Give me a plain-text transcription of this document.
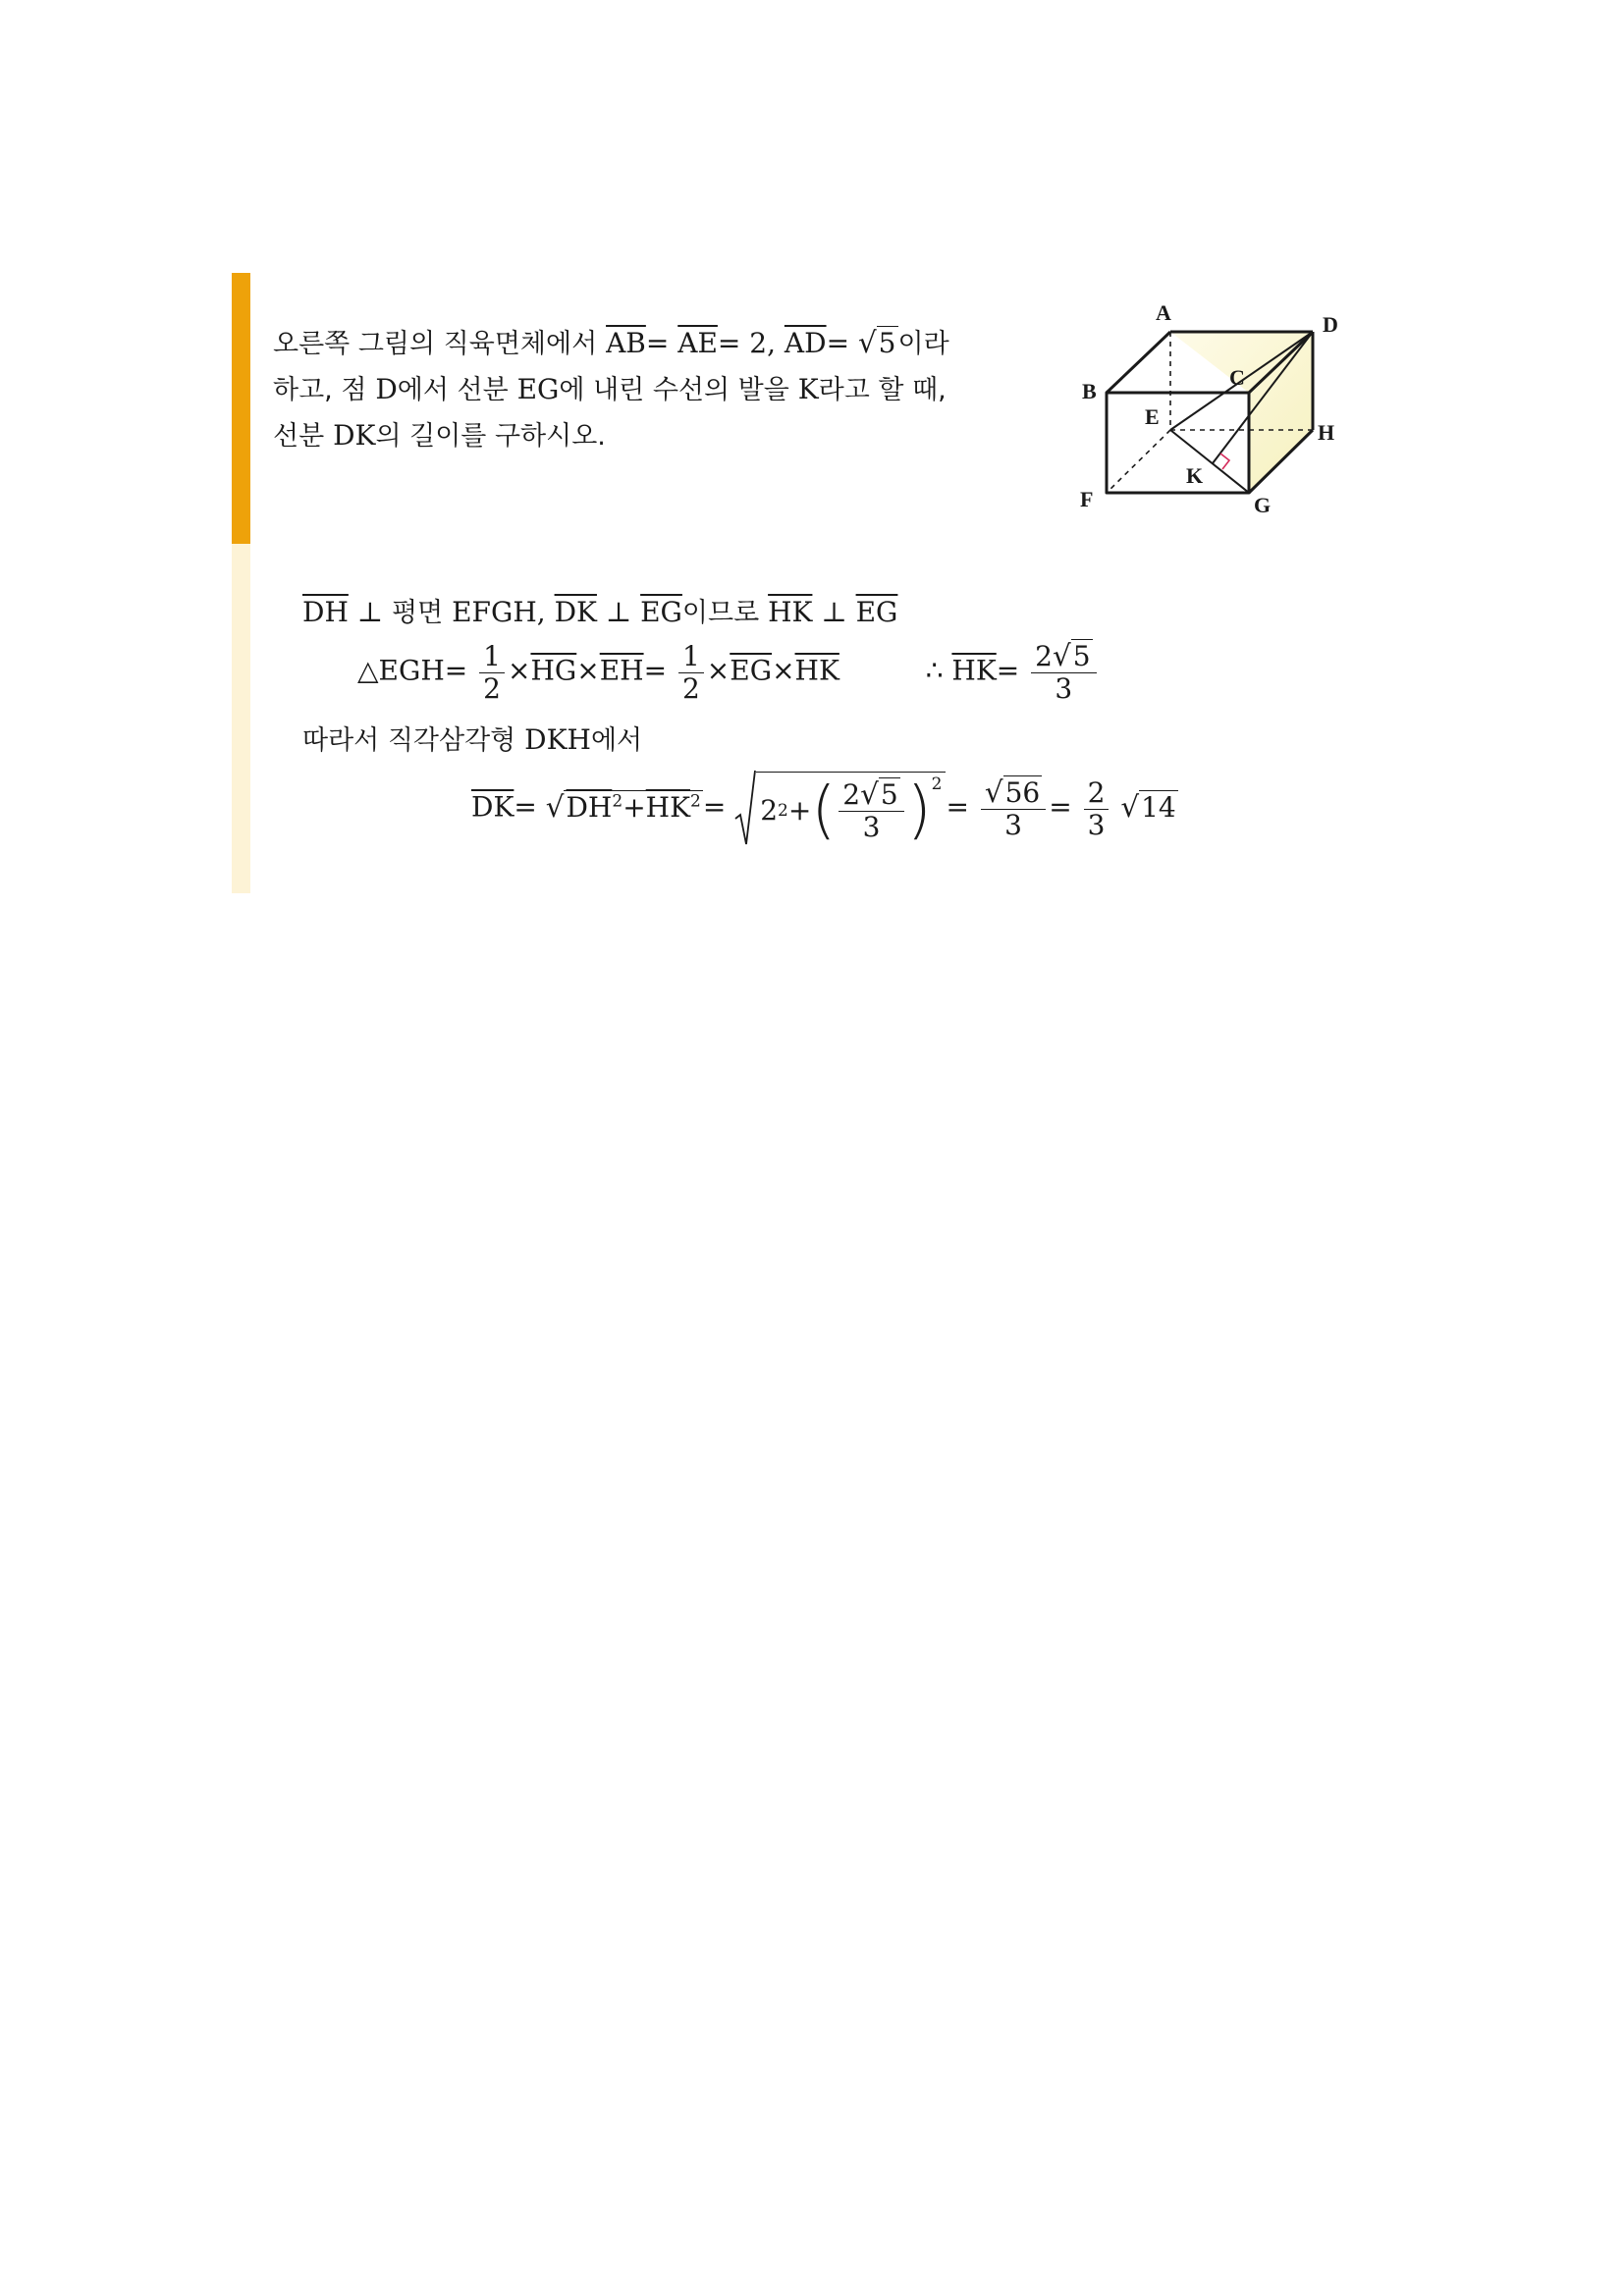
오른쪽 그림의 직육면체에서 $\overline{AB}= \overline{AE}= 2$, $\overline{AD}= √5$이라
하고, 점 D에서 선분 EG에 내린 수선의 발을 K라고 할 때,
선분 DK의 길이를 구하시오.
A	D
B
C
E
H
F	G
K
$\overline{DH}$ ⊥ 평면 EFGH, $\overline{DK}$ ⊥ $\overline{EG}$이므로 $\overline{HK}$ ⊥ $\overline{EG}$
△EGH= $\frac{1}{2} \times\overline{HG}\times\overline{EH}= \frac{1}{2} \times\overline{EG}\times\overline{HK}$	∴ $\overline{HK}= \frac{2√5}{3}$
따라서 직각삼각형 DKH에서
$\overline{DK}= √DH^2+\overline{HK}^2= 2$ 2 + ( $\frac{2√5}{3} )^2$
= $\frac{√56}{3} = \frac{2}{3} √14$
